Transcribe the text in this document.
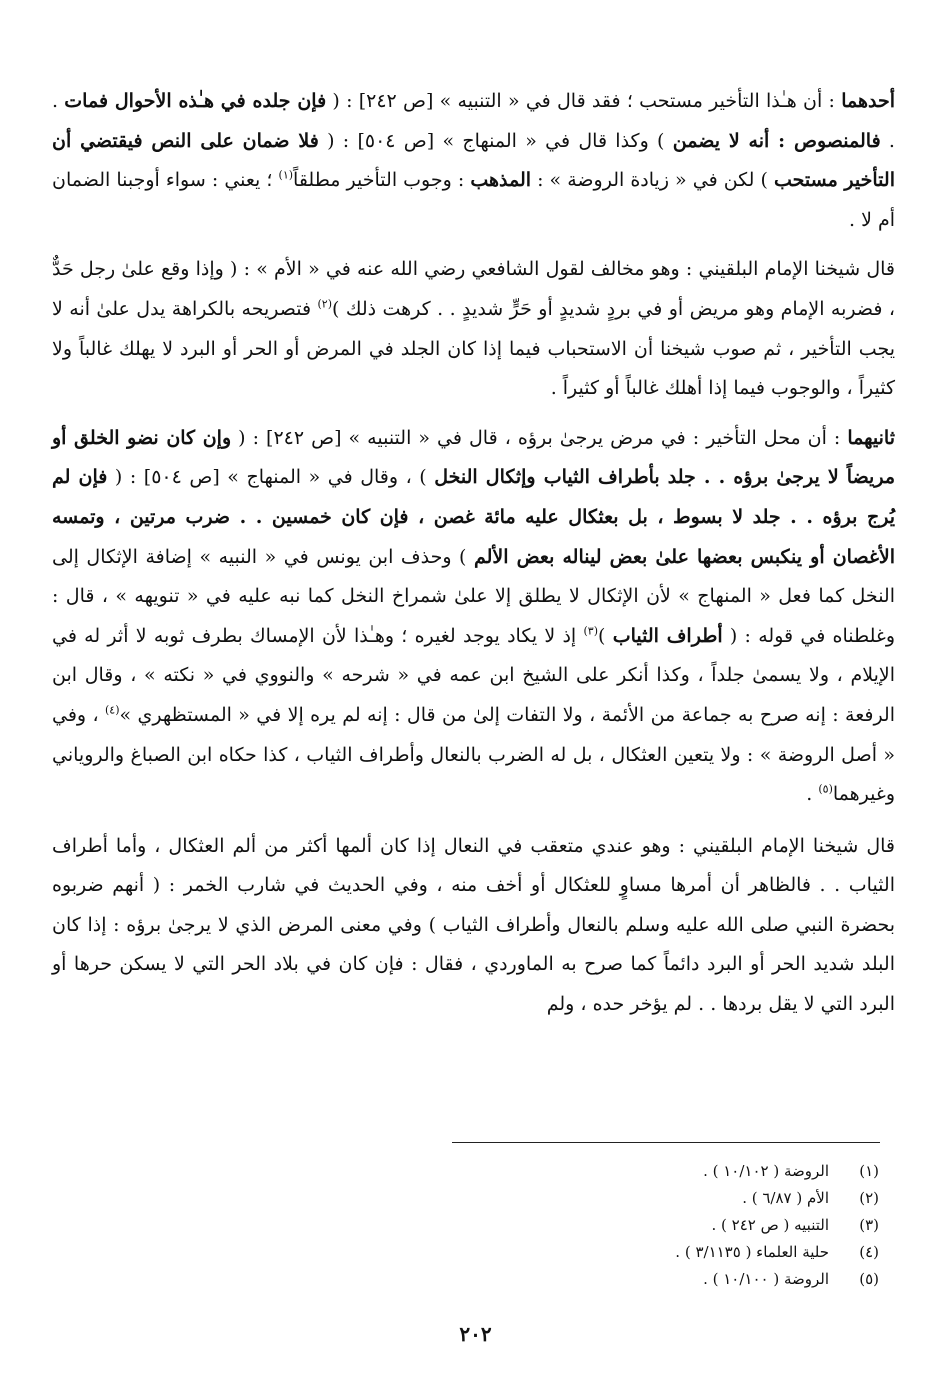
أحدهما : أن هـٰذا التأخير مستحب ؛ فقد قال في « التنبيه » [ص ٢٤٢] : ( فإن جلده في هـٰذه الأحوال فمات . . فالمنصوص : أنه لا يضمن ) وكذا قال في « المنهاج » [ص ٥٠٤] : ( فلا ضمان على النص فيقتضي أن التأخير مستحب ) لكن في « زيادة الروضة » : المذهب : وجوب التأخير مطلقاً$^{(١)}$ ؛ يعني : سواء أوجبنا الضمان أم لا .

قال شيخنا الإمام البلقيني : وهو مخالف لقول الشافعي رضي الله عنه في « الأم » : ( وإذا وقع علىٰ رجل حَدٌّ ، فضربه الإمام وهو مريض أو في بردٍ شديدٍ أو حَرٍّ شديدٍ . . كرهت ذلك )$^{(٢)}$ فتصريحه بالكراهة يدل علىٰ أنه لا يجب التأخير ، ثم صوب شيخنا أن الاستحباب فيما إذا كان الجلد في المرض أو الحر أو البرد لا يهلك غالباً ولا كثيراً ، والوجوب فيما إذا أهلك غالباً أو كثيراً .

ثانيهما : أن محل التأخير : في مرض يرجىٰ برؤه ، قال في « التنبيه » [ص ٢٤٢] : ( وإن كان نضو الخلق أو مريضاً لا يرجىٰ برؤه . . جلد بأطراف الثياب وإثكال النخل ) ، وقال في « المنهاج » [ص ٥٠٤] : ( فإن لم يُرج برؤه . . جلد لا بسوط ، بل بعثكال عليه مائة غصن ، فإن كان خمسين . . ضرب مرتين ، وتمسه الأغصان أو ينكبس بعضها علىٰ بعض ليناله بعض الألم ) وحذف ابن يونس في « النبيه » إضافة الإثكال إلى النخل كما فعل « المنهاج » لأن الإثكال لا يطلق إلا علىٰ شمراخ النخل كما نبه عليه في « تنويهه » ، قال : وغلطناه في قوله : ( أطراف الثياب )$^{(٣)}$ إذ لا يكاد يوجد لغيره ؛ وهـٰذا لأن الإمساك بطرف ثوبه لا أثر له في الإيلام ، ولا يسمىٰ جلداً ، وكذا أنكر على الشيخ ابن عمه في « شرحه » والنووي في « نكته » ، وقال ابن الرفعة : إنه صرح به جماعة من الأئمة ، ولا التفات إلىٰ من قال : إنه لم يره إلا في « المستظهري »$^{(٤)}$ ، وفي « أصل الروضة » : ولا يتعين العثكال ، بل له الضرب بالنعال وأطراف الثياب ، كذا حكاه ابن الصباغ والروياني وغيرهما$^{(٥)}$ .

قال شيخنا الإمام البلقيني : وهو عندي متعقب في النعال إذا كان ألمها أكثر من ألم العثكال ، وأما أطراف الثياب . . فالظاهر أن أمرها مساوٍ للعثكال أو أخف منه ، وفي الحديث في شارب الخمر : ( أنهم ضربوه بحضرة النبي صلى الله عليه وسلم بالنعال وأطراف الثياب ) وفي معنى المرض الذي لا يرجىٰ برؤه : إذا كان البلد شديد الحر أو البرد دائماً كما صرح به الماوردي ، فقال : فإن كان في بلاد الحر التي لا يسكن حرها أو البرد التي لا يقل بردها . . لم يؤخر حده ، ولم

(١)
الروضة ( ١٠/١٠٢ ) .
(٢)
الأم ( ٦/٨٧ ) .
(٣)
التنبيه ( ص ٢٤٢ ) .
(٤)
حلية العلماء ( ٣/١١٣٥ ) .
(٥)
الروضة ( ١٠/١٠٠ ) .
٢٠٢
